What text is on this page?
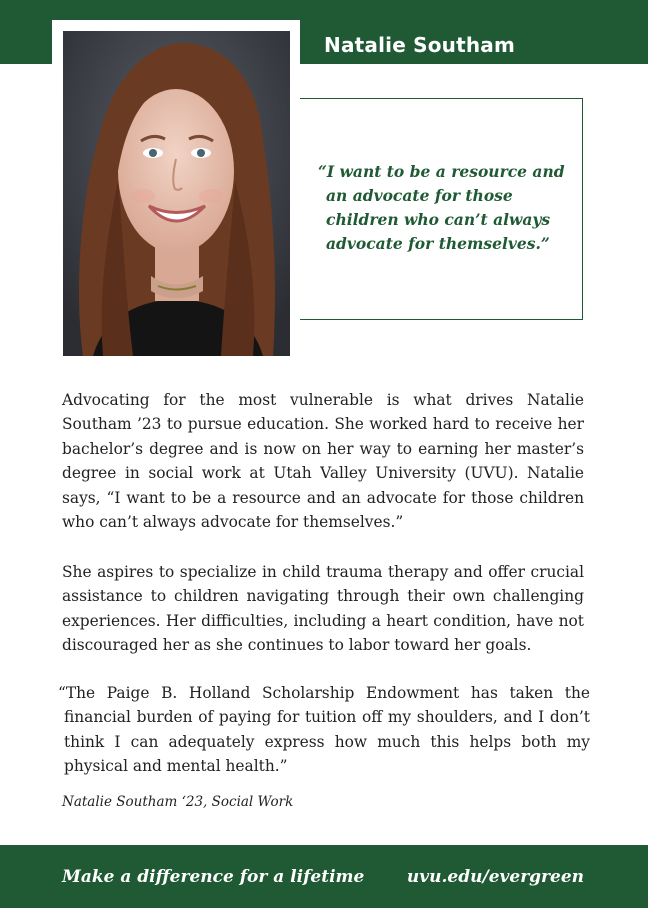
Natalie Southam
“I want to be a resource and an advocate for those children who can’t always advocate for themselves.”
Advocating for the most vulnerable is what drives Natalie Southam ’23 to pursue education. She worked hard to receive her bachelor’s degree and is now on her way to earning her master’s degree in social work at Utah Valley University (UVU). Natalie says, “I want to be a resource and an advocate for those children who can’t always advocate for themselves.”
She aspires to specialize in child trauma therapy and offer crucial assistance to children navigating through their own challenging experiences. Her difficulties, including a heart condition, have not discouraged her as she continues to labor toward her goals.
“The Paige B. Holland Scholarship Endowment has taken the financial burden of paying for tuition off my shoulders, and I don’t think I can adequately express how much this helps both my physical and mental health.”
Natalie Southam ‘23, Social Work
Make a difference for a lifetime	uvu.edu/evergreen
